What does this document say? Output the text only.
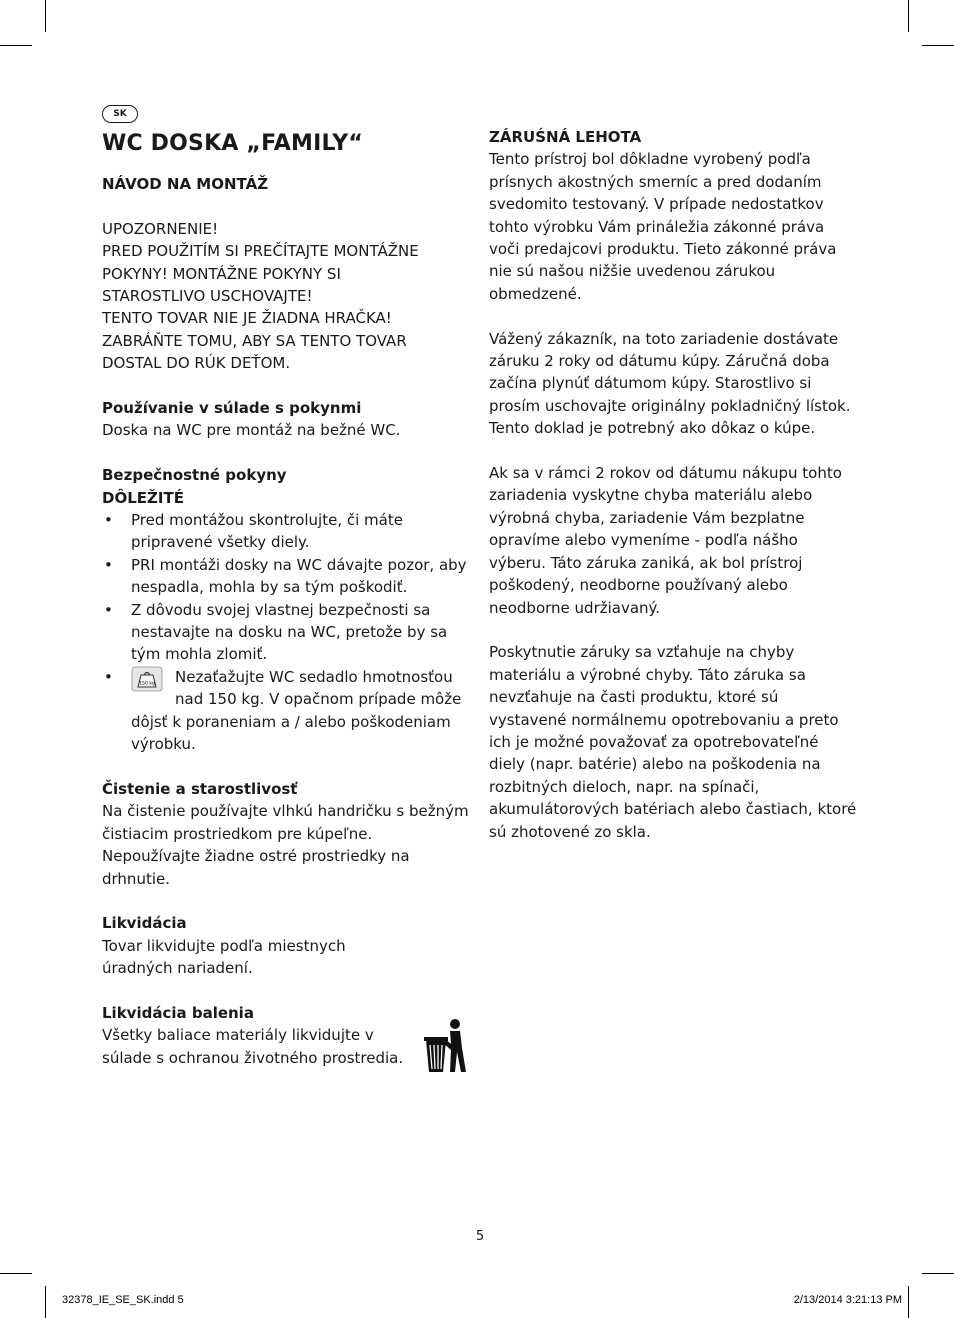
SK
WC DOSKA „FAMILY“

NÁVOD NA MONTÁŽ

UPOZORNENIE!

PRED POUŽITÍM SI PREČÍTAJTE MONTÁŽNE

POKYNY! MONTÁŽNE POKYNY SI

STAROSTLIVO USCHOVAJTE!

TENTO TOVAR NIE JE ŽIADNA HRAČKA!

ZABRÁŇTE TOMU, ABY SA TENTO TOVAR

DOSTAL DO RÚK DEŤOM.

Používanie v súlade s pokynmi

Doska na WC pre montáž na bežné WC.

Bezpečnostné pokyny

DÔLEŽITÉ

• Pred montážou skontrolujte, či máte pripravené všetky diely.
• PRI montáži dosky na WC dávajte pozor, aby nespadla, mohla by sa tým poškodiť.
• Z dôvodu svojej vlastnej bezpečnosti sa nestavajte na dosku na WC, pretože by sa tým mohla zlomiť.
•	150 kg	Nezaťažujte WC sedadlo hmotnosťou
nad 150 kg. V opačnom prípade môže
dôjsť k poraneniam a / alebo poškodeniam výrobku.

Čistenie a starostlivosť

Na čistenie používajte vlhkú handričku s bežným čistiacim prostriedkom pre kúpeľne. Nepoužívajte žiadne ostré prostriedky na drhnutie.

Likvidácia

Tovar likvidujte podľa miestnych úradných nariadení.

Likvidácia balenia

Všetky baliace materiály likvidujte v súlade s ochranou životného prostredia.

ZÁRUŚNÁ LEHOTA

Tento prístroj bol dôkladne vyrobený podľa prísnych akostných smerníc a pred dodaním svedomito testovaný. V prípade nedostatkov tohto výrobku Vám prináležia zákonné práva voči predajcovi produktu. Tieto zákonné práva nie sú našou nižšie uvedenou zárukou obmedzené.

Vážený zákazník, na toto zariadenie dostávate záruku 2 roky od dátumu kúpy. Záručná doba začína plynúť dátumom kúpy. Starostlivo si prosím uschovajte originálny pokladničný lístok. Tento doklad je potrebný ako dôkaz o kúpe.

Ak sa v rámci 2 rokov od dátumu nákupu tohto zariadenia vyskytne chyba materiálu alebo výrobná chyba, zariadenie Vám bezplatne opravíme alebo vymeníme - podľa nášho výberu. Táto záruka zaniká, ak bol prístroj poškodený, neodborne používaný alebo neodborne udržiavaný.

Poskytnutie záruky sa vzťahuje na chyby materiálu a výrobné chyby. Táto záruka sa nevzťahuje na časti produktu, ktoré sú vystavené normálnemu opotrebovaniu a preto ich je možné považovať za opotrebovateľné diely (napr. batérie) alebo na poškodenia na rozbitných dieloch, napr. na spínači, akumulátorových batériach alebo častiach, ktoré sú zhotovené zo skla.

5
32378_IE_SE_SK.indd 5	2/13/2014 3:21:13 PM
